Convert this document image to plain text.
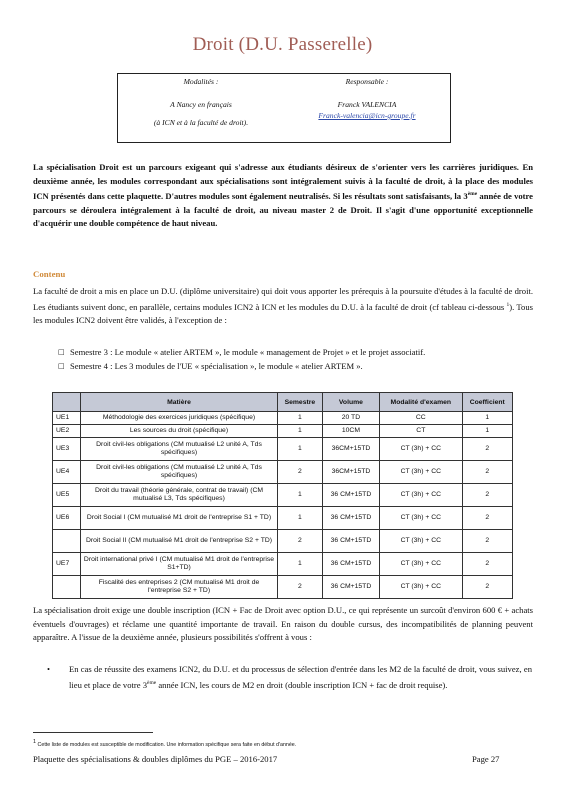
Droit (D.U. Passerelle)
Modalités :
A Nancy en français
(à ICN et à la faculté de droit).
Responsable :
Franck VALENCIA
Franck-valencia@icn-groupe.fr
La spécialisation Droit est un parcours exigeant qui s'adresse aux étudiants désireux de s'orienter vers les carrières juridiques. En deuxième année, les modules correspondant aux spécialisations sont intégralement suivis à la faculté de droit, à la place des modules ICN présentés dans cette plaquette. D'autres modules sont également neutralisés. Si les résultats sont satisfaisants, la 3ème année de votre parcours se déroulera intégralement à la faculté de droit, au niveau master 2 de Droit. Il s'agit d'une opportunité exceptionnelle d'acquérir une double compétence de haut niveau.
Contenu
La faculté de droit a mis en place un D.U. (diplôme universitaire) qui doit vous apporter les prérequis à la poursuite d'études à la faculté de droit. Les étudiants suivent donc, en parallèle, certains modules ICN2 à ICN et les modules du D.U. à la faculté de droit (cf tableau ci-dessous $^1$). Tous les modules ICN2 doivent être validés, à l'exception de :
□ Semestre 3 : Le module « atelier ARTEM », le module « management de Projet » et le projet associatif.
□ Semestre 4 : Les 3 modules de l'UE « spécialisation », le module « atelier ARTEM ».
	Matière	Semestre	Volume	Modalité d'examen	Coefficient
UE1	Méthodologie des exercices juridiques (spécifique)	1	20 TD	CC	1
UE2	Les sources du droit (spécifique)	1	10CM	CT	1
UE3	Droit civil-les obligations (CM mutualisé L2 unité A, Tds spécifiques)	1	36CM+15TD	CT (3h) + CC	2
UE4	Droit civil-les obligations (CM mutualisé L2 unité A, Tds spécifiques)	2	36CM+15TD	CT (3h) + CC	2
UE5	Droit du travail (théorie générale, contrat de travail) (CM mutualisé L3, Tds spécifiques)	1	36 CM+15TD	CT (3h) + CC	2
UE6	Droit Social I (CM mutualisé M1 droit de l'entreprise S1 + TD)	1	36 CM+15TD	CT (3h) + CC	2
	Droit Social II (CM mutualisé M1 droit de l'entreprise S2 + TD)	2	36 CM+15TD	CT (3h) + CC	2
UE7	Droit international privé I (CM mutualisé M1 droit de l'entreprise S1+TD)	1	36 CM+15TD	CT (3h) + CC	2
	Fiscalité des entreprises 2 (CM mutualisé M1 droit de l'entreprise S2 + TD)	2	36 CM+15TD	CT (3h) + CC	2
La spécialisation droit exige une double inscription (ICN + Fac de Droit avec option D.U., ce qui représente un surcoût d'environ 600 € + achats éventuels d'ouvrages) et réclame une quantité importante de travail. En raison du double cursus, des incompatibilités de planning peuvent apparaître. A l'issue de la deuxième année, plusieurs possibilités s'offrent à vous :
•	En cas de réussite des examens ICN2, du D.U. et du processus de sélection d'entrée dans les M2 de la faculté de droit, vous suivez, en lieu et place de votre 3ème année ICN, les cours de M2 en droit (double inscription ICN + fac de droit requise).
$^1$ Cette liste de modules est susceptible de modification. Une information spécifique sera faite en début d'année.
Plaquette des spécialisations & doubles diplômes du PGE – 2016-2017	Page 27
